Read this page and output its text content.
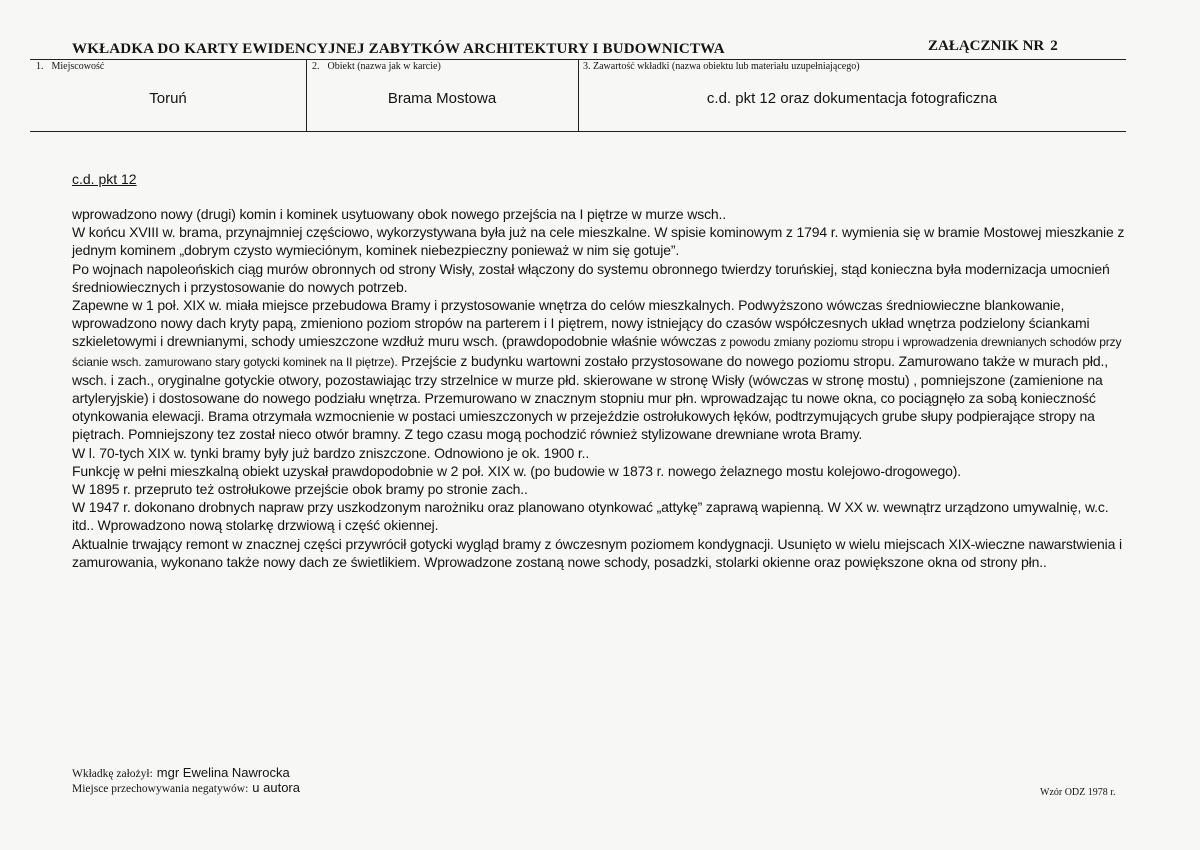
WKŁADKA DO KARTY EWIDENCYJNEJ ZABYTKÓW ARCHITEKTURY I BUDOWNICTWA	ZAŁĄCZNIK NR 2
1. Miejscowość	2. Obiekt (nazwa jak w karcie)	3. Zawartość wkładki (nazwa obiektu lub materiału uzupełniającego)
Toruń	Brama Mostowa	c.d. pkt 12 oraz dokumentacja fotograficzna
c.d. pkt 12

wprowadzono nowy (drugi) komin i kominek usytuowany obok nowego przejścia na I piętrze w murze wsch..

W końcu XVIII w. brama, przynajmniej częściowo, wykorzystywana była już na cele mieszkalne. W spisie kominowym z 1794 r. wymienia się w bramie Mostowej mieszkanie z jednym kominem „dobrym czysto wymieciónym, kominek niebezpieczny ponieważ w nim się gotuje”.

Po wojnach napoleońskich ciąg murów obronnych od strony Wisły, został włączony do systemu obronnego twierdzy toruńskiej, stąd konieczna była modernizacja umocnień średniowiecznych i przystosowanie do nowych potrzeb.

Zapewne w 1 poł. XIX w. miała miejsce przebudowa Bramy i przystosowanie wnętrza do celów mieszkalnych. Podwyższono wówczas średniowieczne blankowanie, wprowadzono nowy dach kryty papą, zmieniono poziom stropów na parterem i I piętrem, nowy istniejący do czasów współczesnych układ wnętrza podzielony ściankami szkieletowymi i drewnianymi, schody umieszczone wzdłuż muru wsch. (prawdopodobnie właśnie wówczas z powodu zmiany poziomu stropu i wprowadzenia drewnianych schodów przy ścianie wsch. zamurowano stary gotycki kominek na II piętrze). Przejście z budynku wartowni zostało przystosowane do nowego poziomu stropu. Zamurowano także w murach płd., wsch. i zach., oryginalne gotyckie otwory, pozostawiając trzy strzelnice w murze płd. skierowane w stronę Wisły (wówczas w stronę mostu) , pomniejszone (zamienione na artyleryjskie) i dostosowane do nowego podziału wnętrza. Przemurowano w znacznym stopniu mur płn. wprowadzając tu nowe okna, co pociągnęło za sobą konieczność otynkowania elewacji. Brama otrzymała wzmocnienie w postaci umieszczonych w przejeździe ostrołukowych łęków, podtrzymujących grube słupy podpierające stropy na piętrach. Pomniejszony tez został nieco otwór bramny. Z tego czasu mogą pochodzić również stylizowane drewniane wrota Bramy.

W l. 70-tych XIX w. tynki bramy były już bardzo zniszczone. Odnowiono je ok. 1900 r..

Funkcję w pełni mieszkalną obiekt uzyskał prawdopodobnie w 2 poł. XIX w. (po budowie w 1873 r. nowego żelaznego mostu kolejowo-drogowego).

W 1895 r. przepruto też ostrołukowe przejście obok bramy po stronie zach..

W 1947 r. dokonano drobnych napraw przy uszkodzonym narożniku oraz planowano otynkować „attykę” zaprawą wapienną. W XX w. wewnątrz urządzono umywalnię, w.c. itd.. Wprowadzono nową stolarkę drzwiową i część okiennej.

Aktualnie trwający remont w znacznej części przywrócił gotycki wygląd bramy z ówczesnym poziomem kondygnacji. Usunięto w wielu miejscach XIX-wieczne nawarstwienia i zamurowania, wykonano także nowy dach ze świetlikiem. Wprowadzone zostaną nowe schody, posadzki, stolarki okienne oraz powiększone okna od strony płn..

Wkładkę założył: mgr Ewelina Nawrocka
Miejsce przechowywania negatywów: u autora	Wzór ODZ 1978 r.
